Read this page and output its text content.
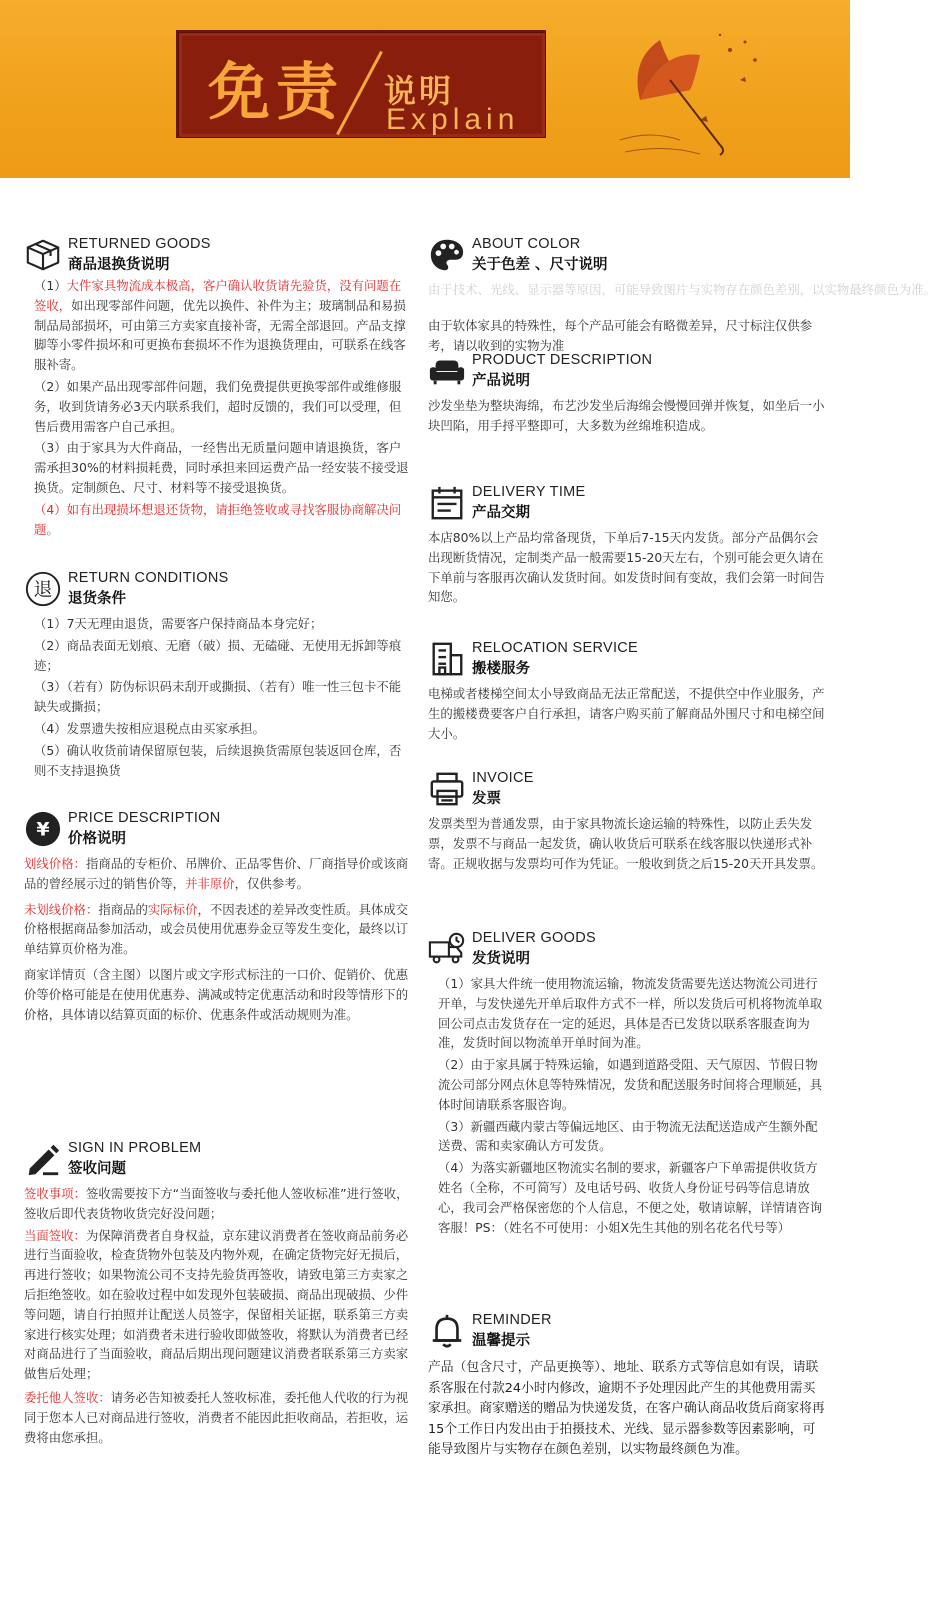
免责 说明
Explain
RETURNED GOODS
商品退换货说明

（1）大件家具物流成本极高，客户确认收货请先验货，没有问题在签收，如出现零部件问题，优先以换件、补件为主；玻璃制品和易损制品局部损坏，可由第三方卖家直接补寄，无需全部退回。产品支撑脚等小零件损坏和可更换布套损坏不作为退换货理由，可联系在线客服补寄。

（2）如果产品出现零部件问题，我们免费提供更换零部件或维修服务，收到货请务必3天内联系我们，超时反馈的，我们可以受理，但售后费用需客户自己承担。

（3）由于家具为大件商品，一经售出无质量问题申请退换货，客户需承担30%的材料损耗费，同时承担来回运费产品一经安装不接受退换货。定制颜色、尺寸、材料等不接受退换货。

（4）如有出现损坏想退还货物，请拒绝签收或寻找客服协商解决问题。

退
RETURN CONDITIONS
退货条件

（1）7天无理由退货，需要客户保持商品本身完好；

（2）商品表面无划痕、无磨（破）损、无磕碰、无使用无拆卸等痕迹；

（3）（若有）防伪标识码未刮开或撕损、（若有）唯一性三包卡不能缺失或撕损；

（4）发票遗失按相应退税点由买家承担。

（5）确认收货前请保留原包装，后续退换货需原包装返回仓库，否则不支持退换货

¥
PRICE DESCRIPTION
价格说明

划线价格：指商品的专柜价、吊牌价、正品零售价、厂商指导价或该商品的曾经展示过的销售价等，并非原价，仅供参考。

未划线价格：指商品的实际标价，不因表述的差异改变性质。具体成交价格根据商品参加活动，或会员使用优惠券金豆等发生变化，最终以订单结算页价格为准。

商家详情页（含主图）以图片或文字形式标注的一口价、促销价、优惠价等价格可能是在使用优惠券、满减或特定优惠活动和时段等情形下的价格，具体请以结算页面的标价、优惠条件或活动规则为准。

SIGN IN PROBLEM
签收问题

签收事项：签收需要按下方“当面签收与委托他人签收标准”进行签收，签收后即代表货物收货完好没问题；

当面签收：为保障消费者自身权益，京东建议消费者在签收商品前务必进行当面验收，检查货物外包装及内物外观，在确定货物完好无损后，再进行签收；如果物流公司不支持先验货再签收，请致电第三方卖家之后拒绝签收。如在验收过程中如发现外包装破损、商品出现破损、少件等问题，请自行拍照并让配送人员签字，保留相关证据，联系第三方卖家进行核实处理；如消费者未进行验收即做签收，将默认为消费者已经对商品进行了当面验收，商品后期出现问题建议消费者联系第三方卖家做售后处理；

委托他人签收：请务必告知被委托人签收标准，委托他人代收的行为视同于您本人已对商品进行签收，消费者不能因此拒收商品，若拒收，运费将由您承担。

ABOUT COLOR
关于色差 、尺寸说明
由于技术、光线、显示器等原因，可能导致图片与实物存在颜色差别，以实物最终颜色为准。

由于软体家具的特殊性，每个产品可能会有略微差异，尺寸标注仅供参考，请以收到的实物为准

PRODUCT DESCRIPTION
产品说明

沙发坐垫为整块海绵，布艺沙发坐后海绵会慢慢回弹并恢复，如坐后一小块凹陷，用手捋平整即可，大多数为丝绵堆积造成。

DELIVERY TIME
产品交期

本店80%以上产品均常备现货，下单后7-15天内发货。部分产品偶尔会出现断货情况，定制类产品一般需要15-20天左右，个别可能会更久请在下单前与客服再次确认发货时间。如发货时间有变故，我们会第一时间告知您。

RELOCATION SERVICE
搬楼服务

电梯或者楼梯空间太小导致商品无法正常配送，不提供空中作业服务，产生的搬楼费要客户自行承担，请客户购买前了解商品外围尺寸和电梯空间大小。

INVOICE
发票

发票类型为普通发票，由于家具物流长途运输的特殊性，以防止丢失发票，发票不与商品一起发货，确认收货后可联系在线客服以快递形式补寄。正规收据与发票均可作为凭证。一般收到货之后15-20天开具发票。

DELIVER GOODS
发货说明

（1）家具大件统一使用物流运输，物流发货需要先送达物流公司进行开单，与发快递先开单后取件方式不一样，所以发货后可机将物流单取回公司点击发货存在一定的延迟，具体是否已发货以联系客服查询为准，发货时间以物流单开单时间为准。

（2）由于家具属于特殊运输，如遇到道路受阻、天气原因、节假日物流公司部分网点休息等特殊情况，发货和配送服务时间将合理顺延，具体时间请联系客服咨询。

（3）新疆西藏内蒙古等偏远地区、由于物流无法配送造成产生额外配送费、需和卖家确认方可发货。

（4）为落实新疆地区物流实名制的要求，新疆客户下单需提供收货方姓名（全称，不可简写）及电话号码、收货人身份证号码等信息请放心，我司会严格保密您的个人信息，不便之处，敬请谅解，详情请咨询客服！PS：（姓名不可使用：小姐X先生其他的别名花名代号等）

REMINDER
温馨提示

产品（包含尺寸，产品更换等）、地址、联系方式等信息如有误，请联系客服在付款24小时内修改，逾期不予处理因此产生的其他费用需买家承担。商家赠送的赠品为快递发货，在客户确认商品收货后商家将再15个工作日内发出由于拍摄技术、光线、显示器参数等因素影响，可能导致图片与实物存在颜色差别，以实物最终颜色为准。
